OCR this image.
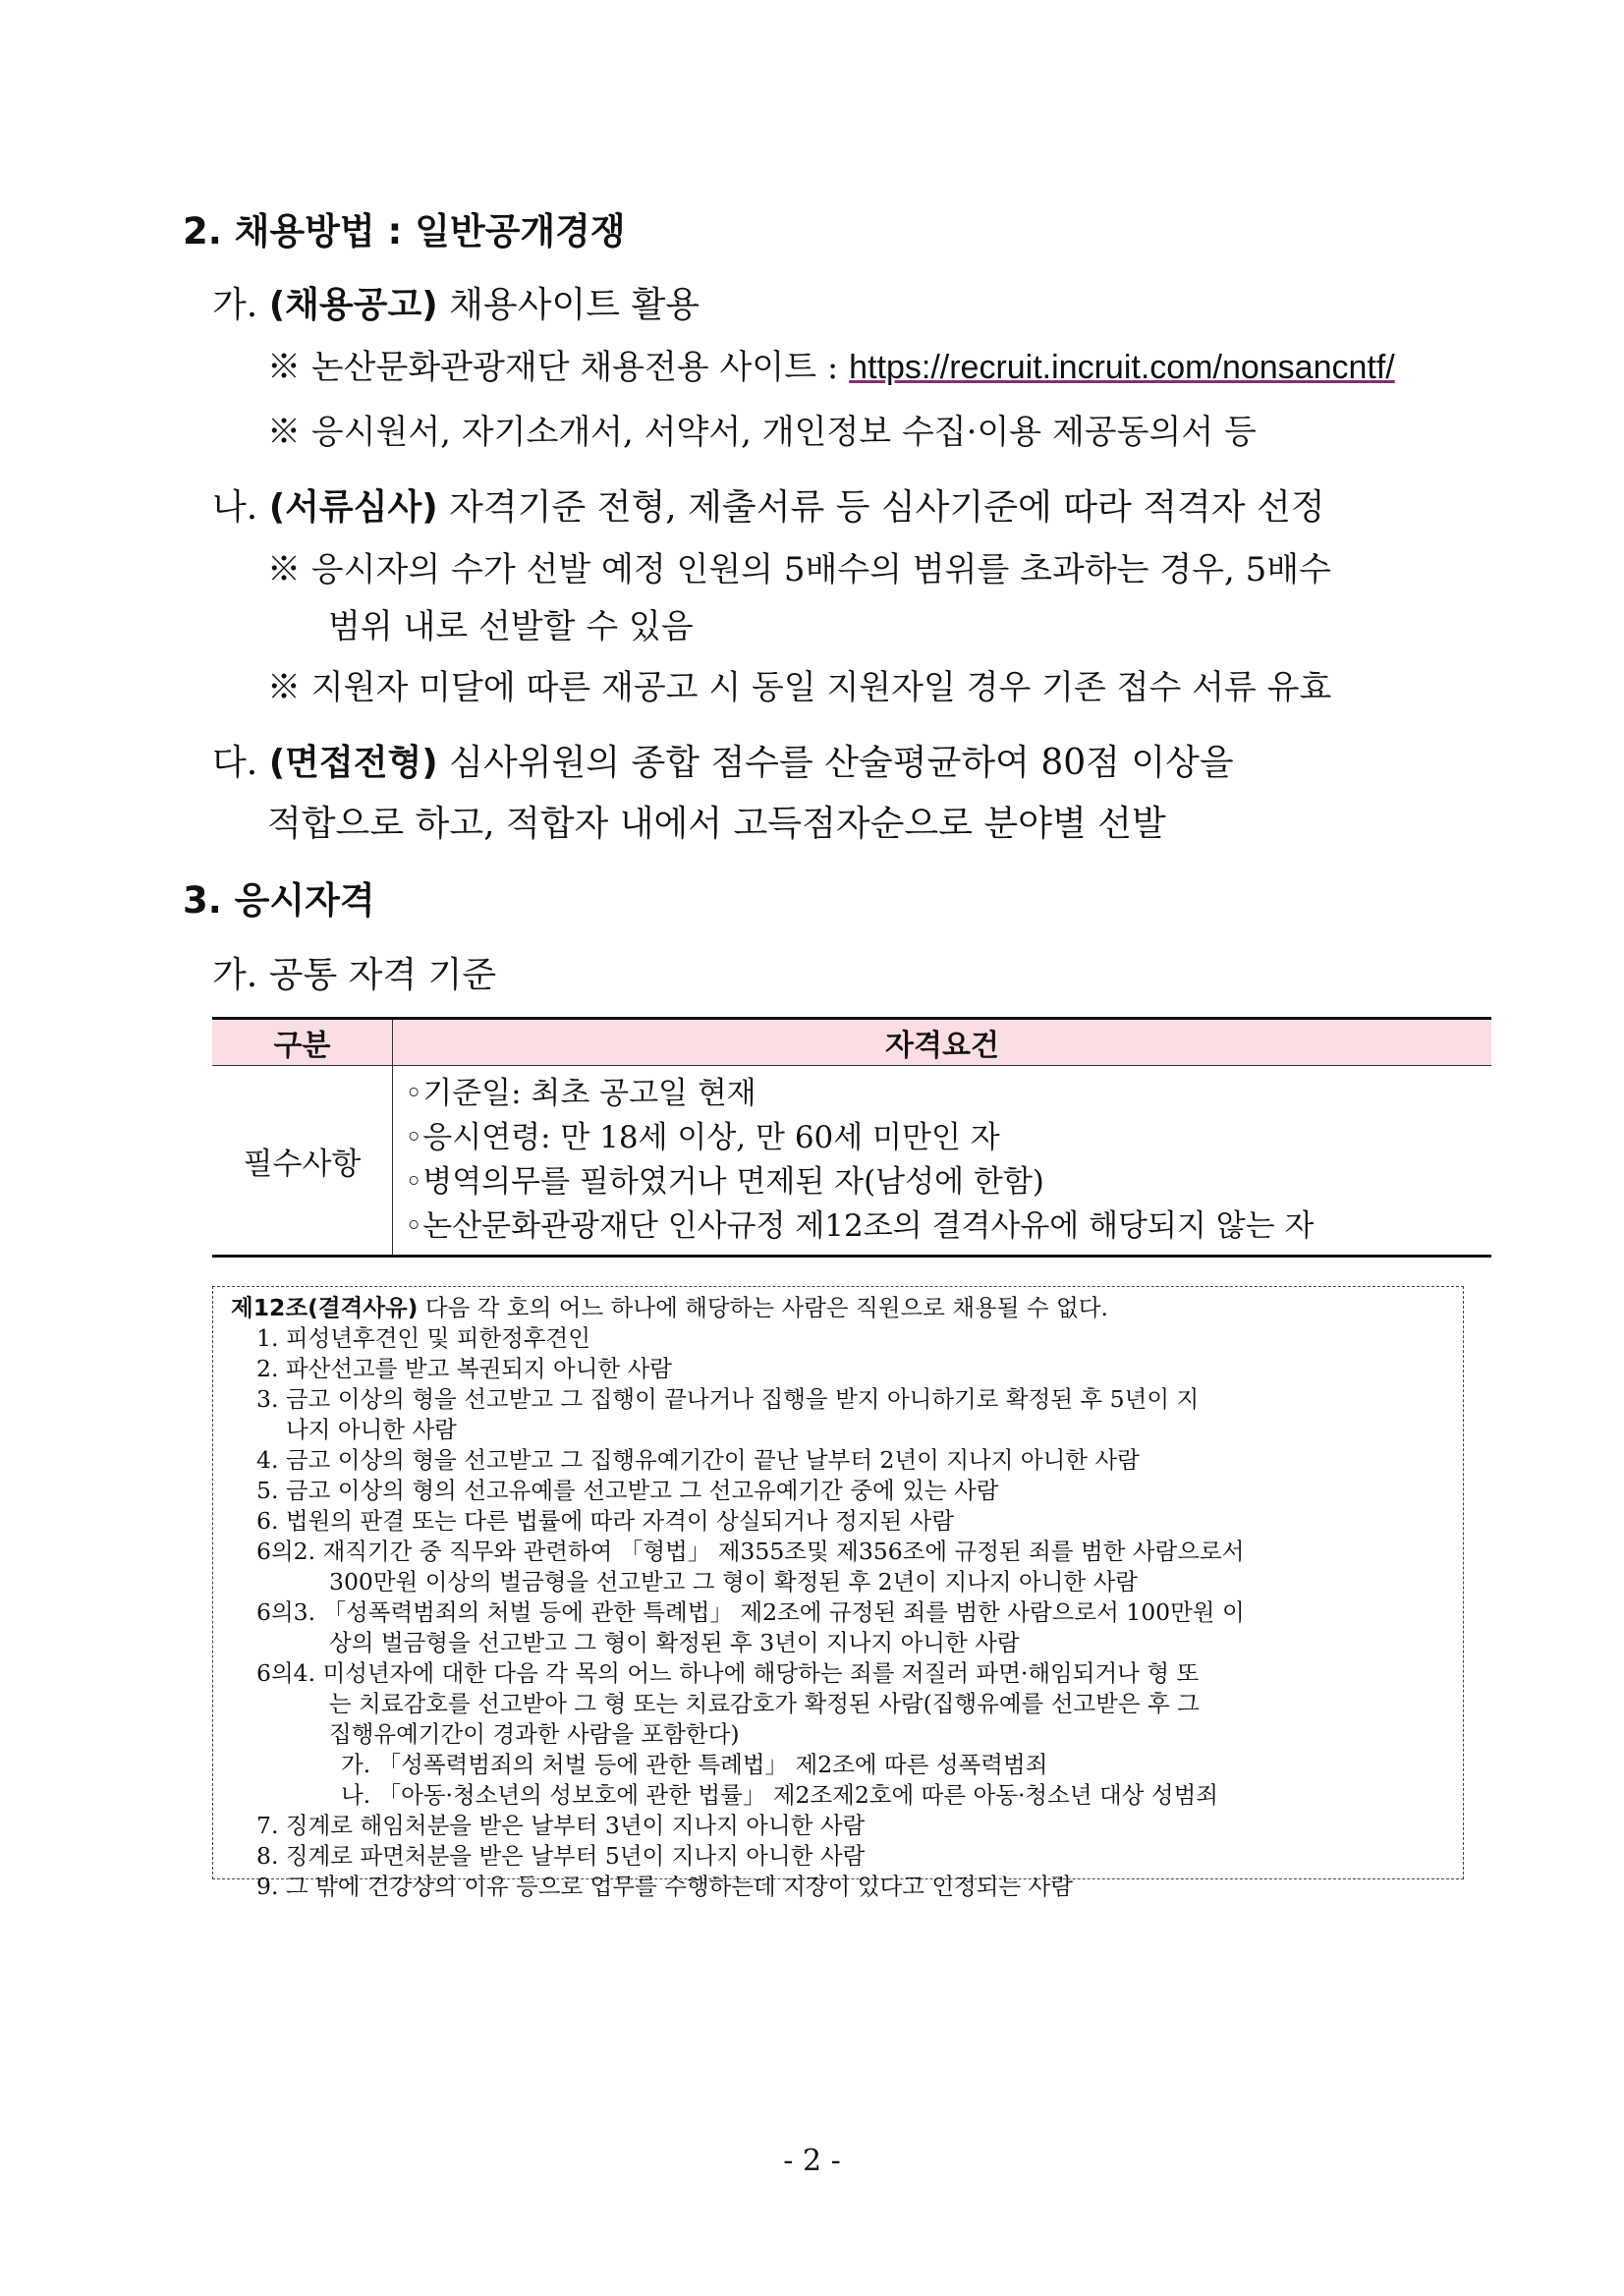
2. 채용방법 : 일반공개경쟁
가. (채용공고) 채용사이트 활용
※ 논산문화관광재단 채용전용 사이트 : https://recruit.incruit.com/nonsancntf/
※ 응시원서, 자기소개서, 서약서, 개인정보 수집·이용 제공동의서 등
나. (서류심사) 자격기준 전형, 제출서류 등 심사기준에 따라 적격자 선정
※ 응시자의 수가 선발 예정 인원의 5배수의 범위를 초과하는 경우, 5배수
범위 내로 선발할 수 있음
※ 지원자 미달에 따른 재공고 시 동일 지원자일 경우 기존 접수 서류 유효
다. (면접전형) 심사위원의 종합 점수를 산술평균하여 80점 이상을
적합으로 하고, 적합자 내에서 고득점자순으로 분야별 선발
3. 응시자격
가. 공통 자격 기준
구분	자격요건
필수사항	◦기준일: 최초 공고일 현재
◦응시연령: 만 18세 이상, 만 60세 미만인 자
◦병역의무를 필하였거나 면제된 자(남성에 한함)
◦논산문화관광재단 인사규정 제12조의 결격사유에 해당되지 않는 자
제12조(결격사유) 다음 각 호의 어느 하나에 해당하는 사람은 직원으로 채용될 수 없다.
1. 피성년후견인 및 피한정후견인
2. 파산선고를 받고 복권되지 아니한 사람
3. 금고 이상의 형을 선고받고 그 집행이 끝나거나 집행을 받지 아니하기로 확정된 후 5년이 지
나지 아니한 사람
4. 금고 이상의 형을 선고받고 그 집행유예기간이 끝난 날부터 2년이 지나지 아니한 사람
5. 금고 이상의 형의 선고유예를 선고받고 그 선고유예기간 중에 있는 사람
6. 법원의 판결 또는 다른 법률에 따라 자격이 상실되거나 정지된 사람
6의2. 재직기간 중 직무와 관련하여 「형법」 제355조및 제356조에 규정된 죄를 범한 사람으로서
300만원 이상의 벌금형을 선고받고 그 형이 확정된 후 2년이 지나지 아니한 사람
6의3. 「성폭력범죄의 처벌 등에 관한 특례법」 제2조에 규정된 죄를 범한 사람으로서 100만원 이
상의 벌금형을 선고받고 그 형이 확정된 후 3년이 지나지 아니한 사람
6의4. 미성년자에 대한 다음 각 목의 어느 하나에 해당하는 죄를 저질러 파면·해임되거나 형 또
는 치료감호를 선고받아 그 형 또는 치료감호가 확정된 사람(집행유예를 선고받은 후 그
집행유예기간이 경과한 사람을 포함한다)
가. 「성폭력범죄의 처벌 등에 관한 특례법」 제2조에 따른 성폭력범죄
나. 「아동·청소년의 성보호에 관한 법률」 제2조제2호에 따른 아동·청소년 대상 성범죄
7. 징계로 해임처분을 받은 날부터 3년이 지나지 아니한 사람
8. 징계로 파면처분을 받은 날부터 5년이 지나지 아니한 사람
9. 그 밖에 건강상의 이유 등으로 업무를 수행하는데 지장이 있다고 인정되는 사람
- 2 -
